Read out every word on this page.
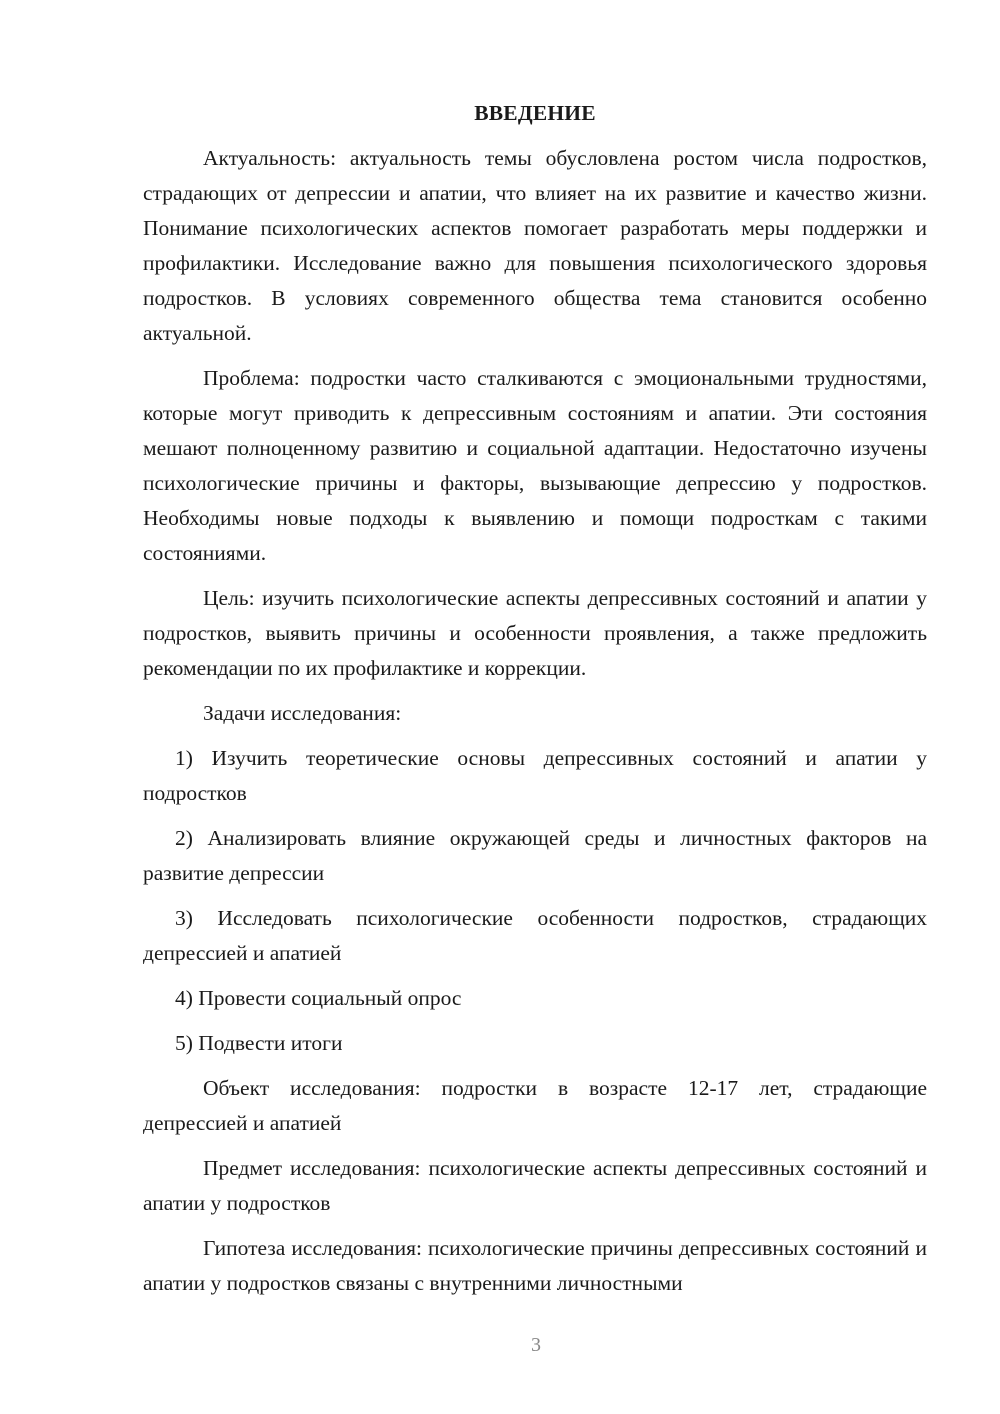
ВВЕДЕНИЕ

Актуальность: актуальность темы обусловлена ростом числа подростков, страдающих от депрессии и апатии, что влияет на их развитие и качество жизни. Понимание психологических аспектов помогает разработать меры поддержки и профилактики. Исследование важно для повышения психологического здоровья подростков. В условиях современного общества тема становится особенно актуальной.

Проблема: подростки часто сталкиваются с эмоциональными трудностями, которые могут приводить к депрессивным состояниям и апатии. Эти состояния мешают полноценному развитию и социальной адаптации. Недостаточно изучены психологические причины и факторы, вызывающие депрессию у подростков. Необходимы новые подходы к выявлению и помощи подросткам с такими состояниями.

Цель: изучить психологические аспекты депрессивных состояний и апатии у подростков, выявить причины и особенности проявления, а также предложить рекомендации по их профилактике и коррекции.

Задачи исследования:

1) Изучить теоретические основы депрессивных состояний и апатии у подростков

2) Анализировать влияние окружающей среды и личностных факторов на развитие депрессии

3) Исследовать психологические особенности подростков, страдающих депрессией и апатией

4) Провести социальный опрос

5) Подвести итоги

Объект исследования: подростки в возрасте 12-17 лет, страдающие депрессией и апатией

Предмет исследования: психологические аспекты депрессивных состояний и апатии у подростков

Гипотеза исследования: психологические причины депрессивных состояний и апатии у подростков связаны с внутренними личностными

3
